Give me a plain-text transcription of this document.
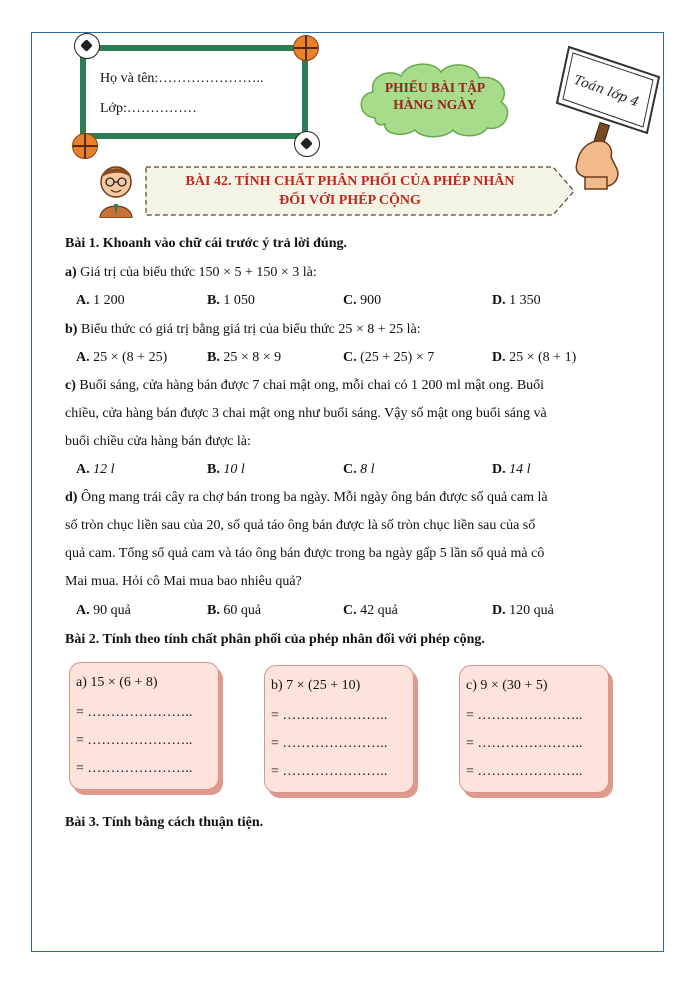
Họ và tên:…………………..
Lớp:……………
PHIẾU BÀI TẬP
HÀNG NGÀY	Toán lớp 4
BÀI 42. TÍNH CHẤT PHÂN PHỐI CỦA PHÉP NHÂN
ĐỐI VỚI PHÉP CỘNG
Bài 1. Khoanh vào chữ cái trước ý trả lời đúng.
a) Giá trị của biểu thức 150 × 5 + 150 × 3 là:
A. 1 200	B. 1 050	C. 900	D. 1 350
b) Biểu thức có giá trị bằng giá trị của biểu thức 25 × 8 + 25 là:
A. 25 × (8 + 25)	B. 25 × 8 × 9	C. (25 + 25) × 7	D. 25 × (8 + 1)
c) Buổi sáng, cửa hàng bán được 7 chai mật ong, mỗi chai có 1 200 ml mật ong. Buổi
chiều, cửa hàng bán được 3 chai mật ong như buổi sáng. Vậy số mật ong buổi sáng và
buổi chiều cửa hàng bán được là:
A. 12 l	B. 10 l	C. 8 l	D. 14 l
d) Ông mang trái cây ra chợ bán trong ba ngày. Mỗi ngày ông bán được số quả cam là
số tròn chục liền sau của 20, số quả táo ông bán được là số tròn chục liền sau của số
quả cam. Tổng số quả cam và táo ông bán được trong ba ngày gấp 5 lần số quả mà cô
Mai mua. Hỏi cô Mai mua bao nhiêu quả?
A. 90 quả	B. 60 quả	C. 42 quả	D. 120 quả
Bài 2. Tính theo tính chất phân phối của phép nhân đối với phép cộng.
a) 15 × (6 + 8)
= …………………..
= …………………..
= …………………..
b) 7 × (25 + 10)
= …………………..
= …………………..
= …………………..
c) 9 × (30 + 5)
= …………………..
= …………………..
= …………………..
Bài 3. Tính bằng cách thuận tiện.
